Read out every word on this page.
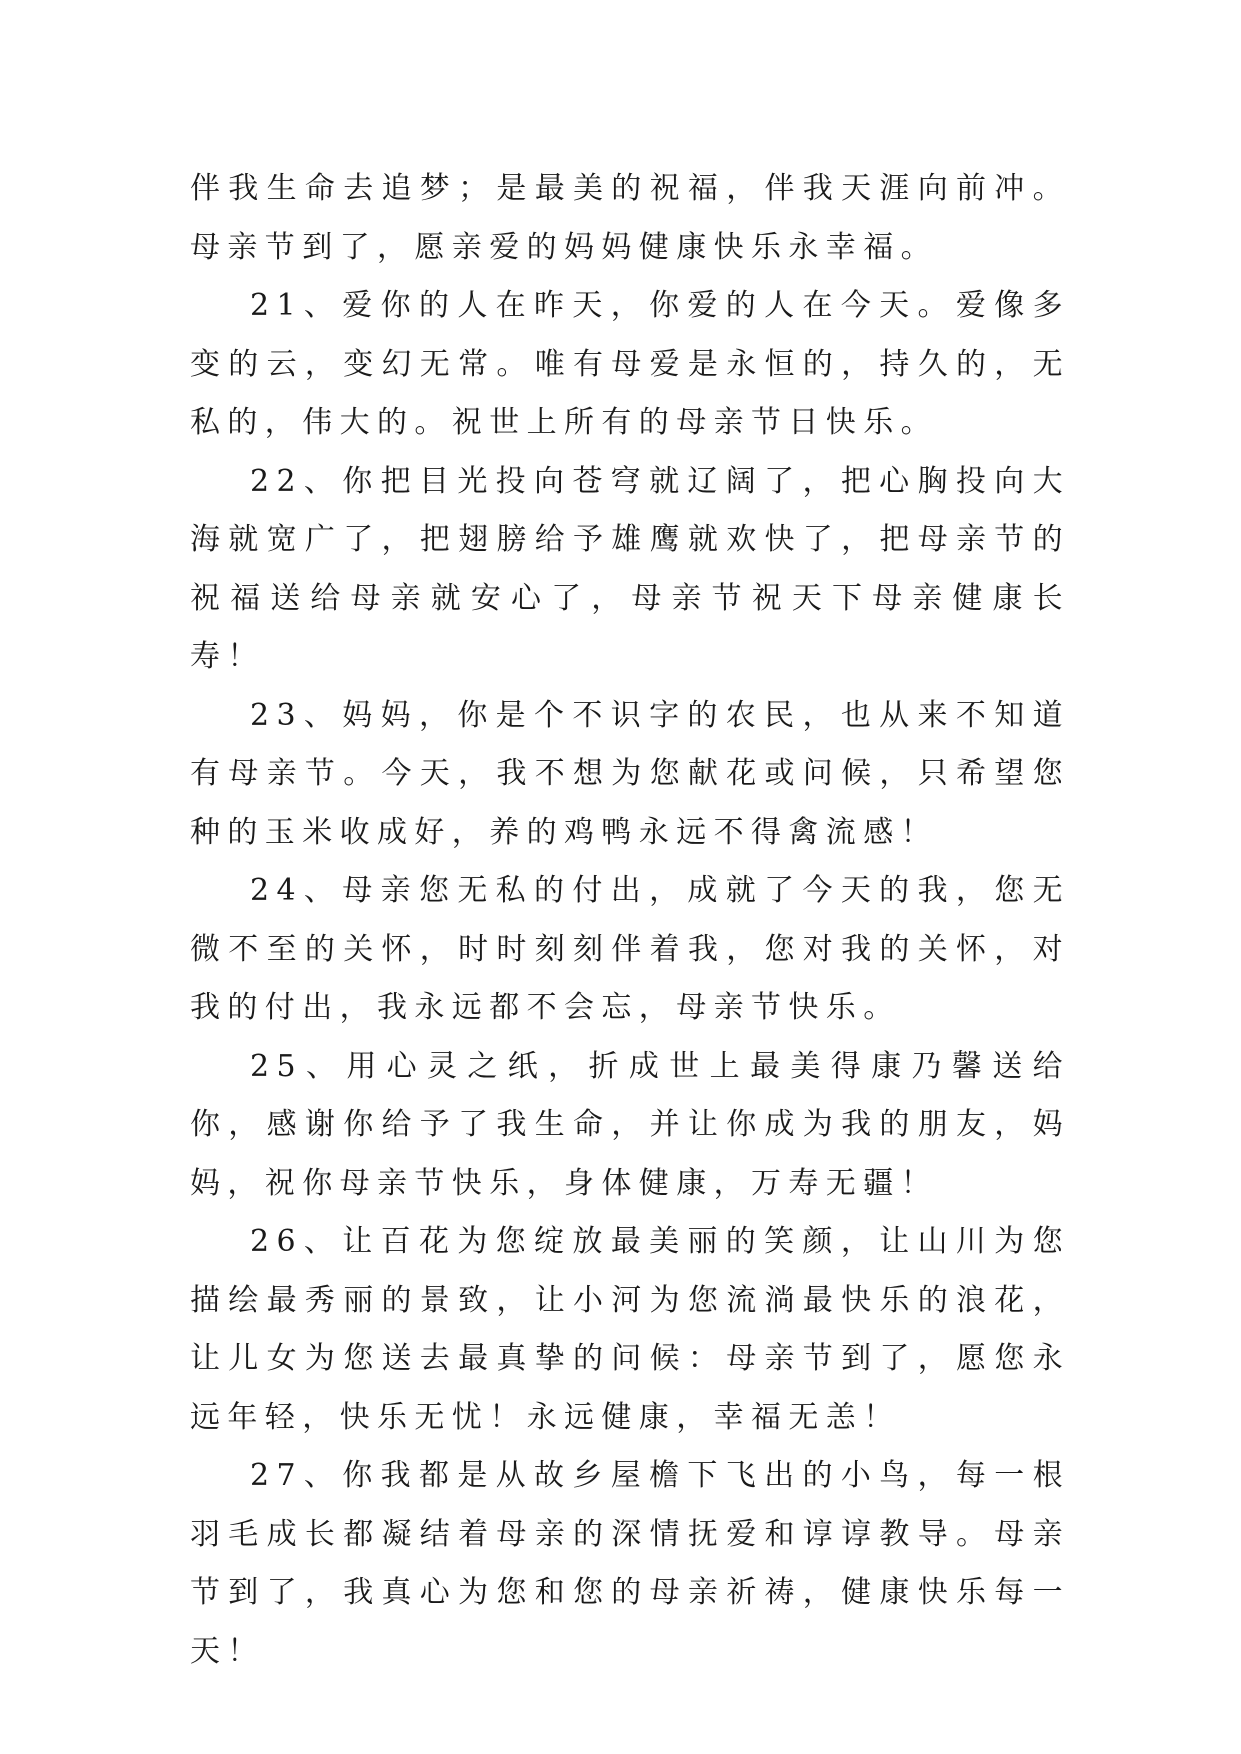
伴我生命去追梦；是最美的祝福，伴我天涯向前冲。母亲节到了，愿亲爱的妈妈健康快乐永幸福。

21、爱你的人在昨天，你爱的人在今天。爱像多变的云，变幻无常。唯有母爱是永恒的，持久的，无私的，伟大的。祝世上所有的母亲节日快乐。

22、你把目光投向苍穹就辽阔了，把心胸投向大海就宽广了，把翅膀给予雄鹰就欢快了，把母亲节的祝福送给母亲就安心了，母亲节祝天下母亲健康长寿！

23、妈妈，你是个不识字的农民，也从来不知道有母亲节。今天，我不想为您献花或问候，只希望您种的玉米收成好，养的鸡鸭永远不得禽流感！

24、母亲您无私的付出，成就了今天的我，您无微不至的关怀，时时刻刻伴着我，您对我的关怀，对我的付出，我永远都不会忘，母亲节快乐。

25、用心灵之纸，折成世上最美得康乃馨送给你，感谢你给予了我生命，并让你成为我的朋友，妈妈，祝你母亲节快乐，身体健康，万寿无疆！

26、让百花为您绽放最美丽的笑颜，让山川为您描绘最秀丽的景致，让小河为您流淌最快乐的浪花，让儿女为您送去最真挚的问候：母亲节到了，愿您永远年轻，快乐无忧！永远健康，幸福无恙！

27、你我都是从故乡屋檐下飞出的小鸟，每一根羽毛成长都凝结着母亲的深情抚爱和谆谆教导。母亲节到了，我真心为您和您的母亲祈祷，健康快乐每一天！
